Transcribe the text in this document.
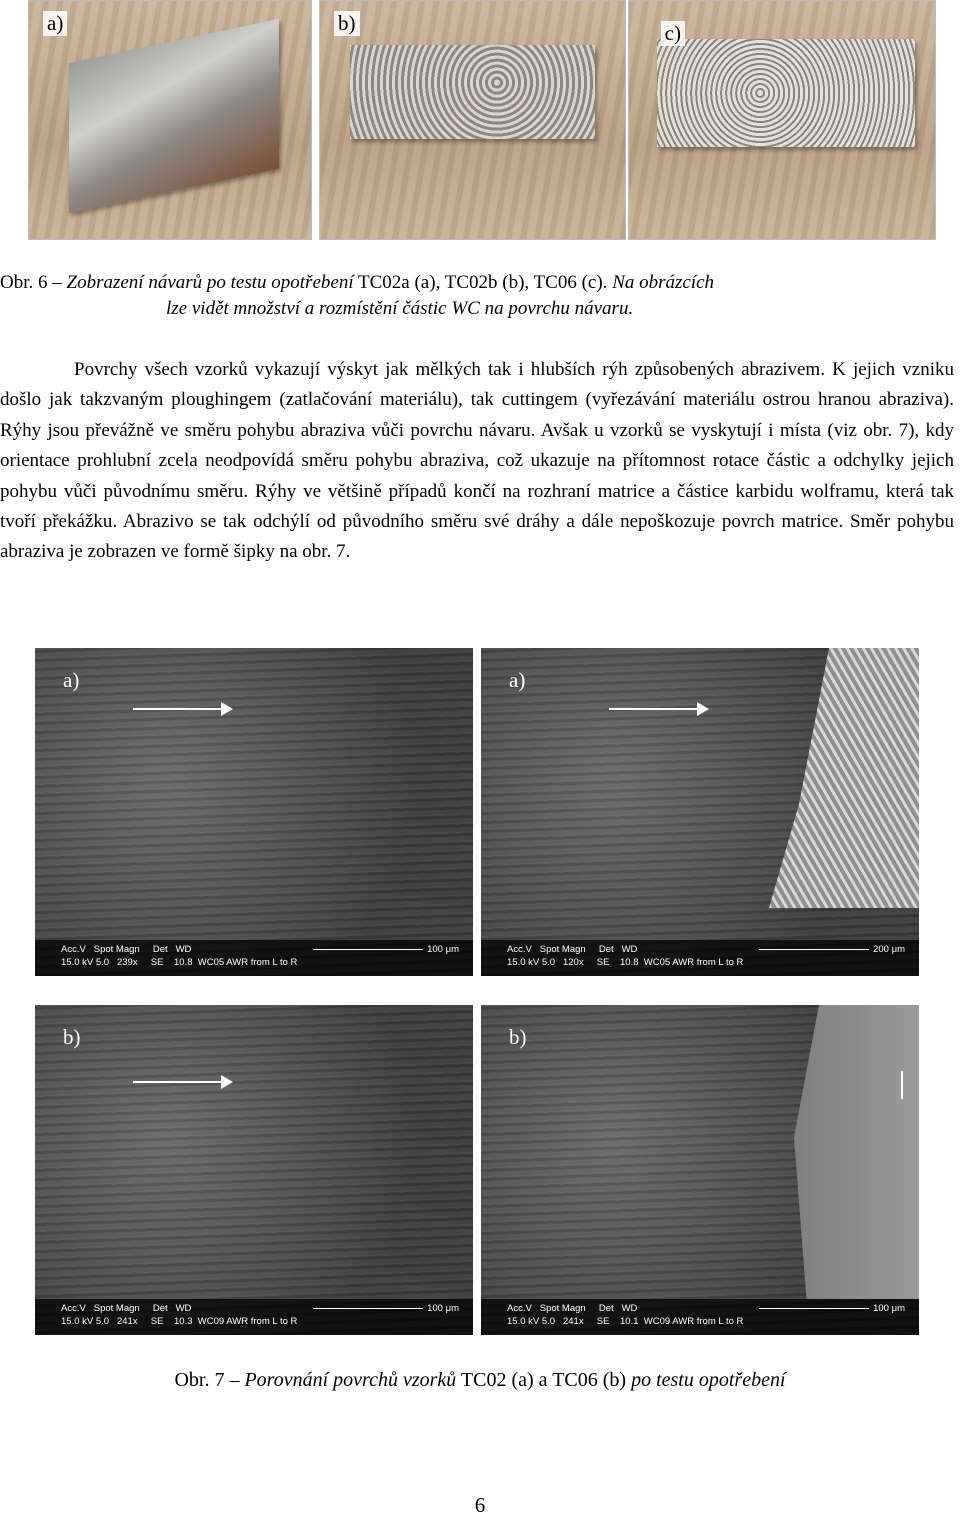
a)	b)	c)
Obr. 6 – Zobrazení návarů po testu opotřebení TC02a (a), TC02b (b), TC06 (c). Na obrázcích
lze vidět množství a rozmístění částic WC na povrchu návaru.
Povrchy všech vzorků vykazují výskyt jak mělkých tak i hlubších rýh způsobených abrazivem. K jejich vzniku došlo jak takzvaným ploughingem (zatlačování materiálu), tak cuttingem (vyřezávání materiálu ostrou hranou abraziva). Rýhy jsou převážně ve směru pohybu abraziva vůči povrchu návaru. Avšak u vzorků se vyskytují i místa (viz obr. 7), kdy orientace prohlubní zcela neodpovídá směru pohybu abraziva, což ukazuje na přítomnost rotace částic a odchylky jejich pohybu vůči původnímu směru. Rýhy ve většině případů končí na rozhraní matrice a částice karbidu wolframu, která tak tvoří překážku. Abrazivo se tak odchýlí od původního směru své dráhy a dále nepoškozuje povrch matrice. Směr pohybu abraziva je zobrazen ve formě šipky na obr. 7.
a)
Acc.V   Spot Magn     Det   WD
15.0 kV 5.0   239x     SE    10.8  WC05 AWR from L to R
100 μm
a)
Acc.V   Spot Magn     Det   WD
15.0 kV 5.0   120x     SE    10.8  WC05 AWR from L to R
200 μm
b)
Acc.V   Spot Magn     Det   WD
15.0 kV 5.0   241x     SE    10.3  WC09 AWR from L to R
100 μm
b)
Acc.V   Spot Magn     Det   WD
15.0 kV 5.0   241x     SE    10.1  WC09 AWR from L to R
100 μm
Obr. 7 – Porovnání povrchů vzorků TC02 (a) a TC06 (b) po testu opotřebení
6
